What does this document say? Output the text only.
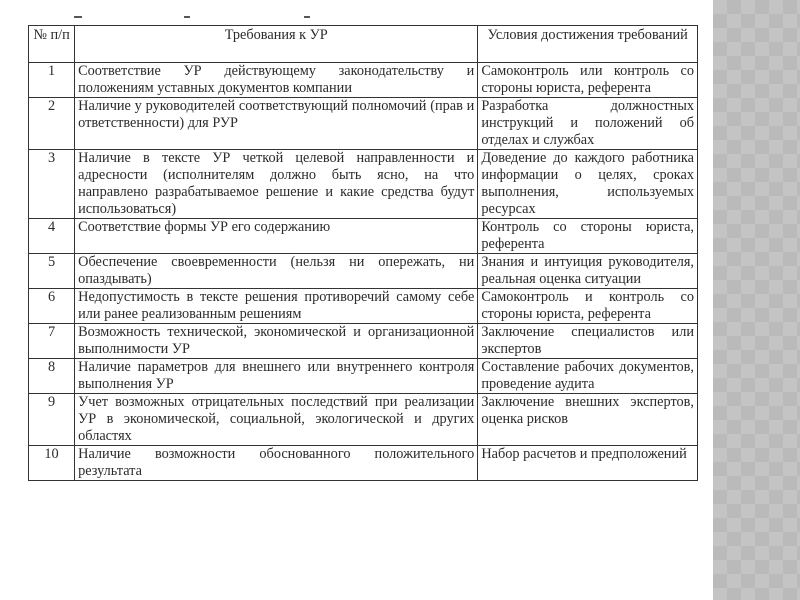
№ п/п	Требования к УР	Условия достижения требований
1	Соответствие УР действующему законодательству и положениям уставных документов компании	Самоконтроль или контроль со стороны юриста, референта
2	Наличие у руководителей соответствующий полномочий (прав и ответственности) для РУР	Разработка должностных инструкций и положений об отделах и службах
3	Наличие в тексте УР четкой целевой направленности и адресности (исполнителям должно быть ясно, на что направлено разрабатываемое решение и какие средства будут использоваться)	Доведение до каждого работника информации о целях, сроках выполнения, используемых ресурсах
4	Соответствие формы УР его содержанию	Контроль со стороны юриста, референта
5	Обеспечение своевременности (нельзя ни опережать, ни опаздывать)	Знания и интуиция руководителя, реальная оценка ситуации
6	Недопустимость в тексте решения противоречий самому себе или ранее реализованным решениям	Самоконтроль и контроль со стороны юриста, референта
7	Возможность технической, экономической и организационной выполнимости УР	Заключение специалистов или экспертов
8	Наличие параметров для внешнего или внутреннего контроля выполнения УР	Составление рабочих документов, проведение аудита
9	Учет возможных отрицательных последствий при реализации УР в экономической, социальной, экологической и других областях	Заключение внешних экспертов, оценка рисков
10	Наличие возможности обоснованного положительного результата	Набор расчетов и предположений
